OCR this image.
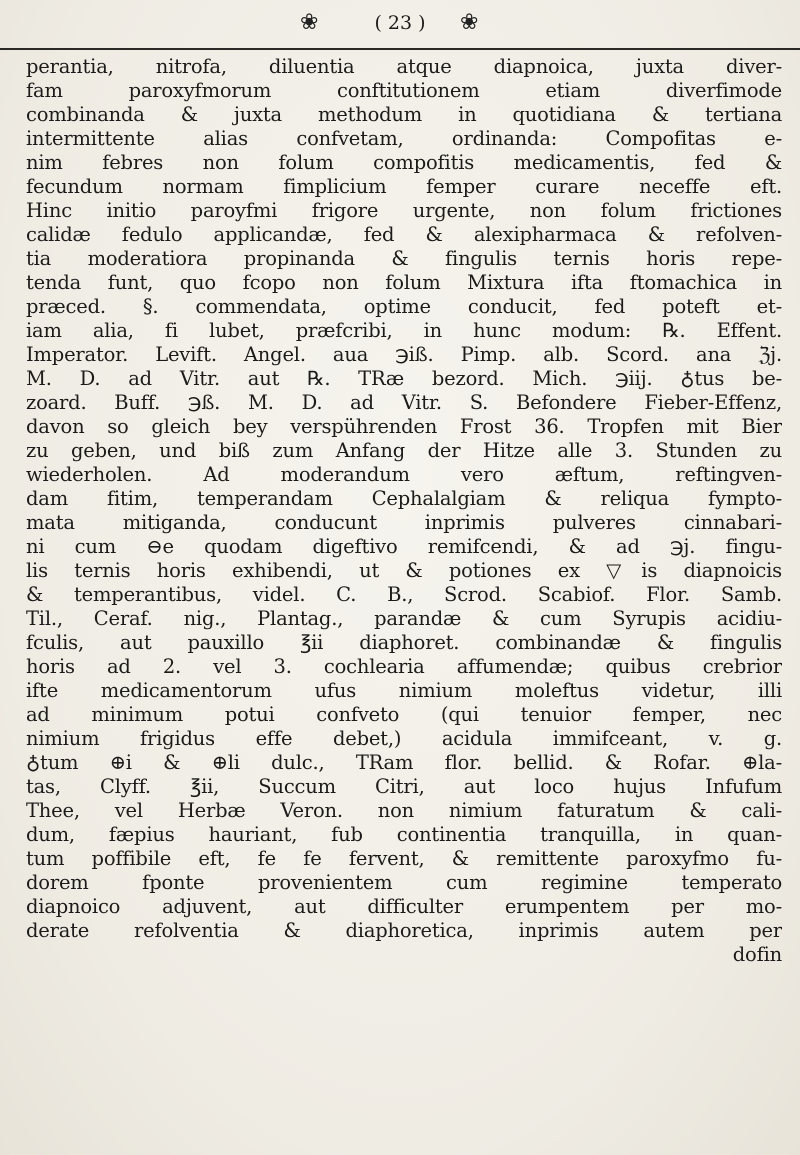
❀	( 23 )	❀
perantia, nitrofa, diluentia atque diapnoica, juxta diver-
fam paroxyfmorum conftitutionem etiam diverfimode
combinanda & juxta methodum in quotidiana & tertiana
intermittente alias confvetam, ordinanda: Compofitas e-
nim febres non folum compofitis medicamentis, fed &
fecundum normam fimplicium femper curare neceffe eft.
Hinc initio paroyfmi frigore urgente, non folum frictiones
calidæ fedulo applicandæ, fed & alexipharmaca & refolven-
tia moderatiora propinanda & fingulis ternis horis repe-
tenda funt, quo fcopo non folum Mixtura ifta ftomachica in
præced. §. commendata, optime conducit, fed poteft et-
iam alia, fi lubet, præfcribi, in hunc modum: ℞. Effent.
Imperator. Levift. Angel. aua ℈iß. Pimp. alb. Scord. ana ℨj.
M. D. ad Vitr. aut ℞. TRæ bezord. Mich. ℈iij. ♁tus be-
zoard. Buff. ℈ß. M. D. ad Vitr. S. Befondere Fieber-Effenz,
davon so gleich bey verspührenden Frost 36. Tropfen mit Bier
zu geben, und biß zum Anfang der Hitze alle 3. Stunden zu
wiederholen. Ad moderandum vero æftum, reftingven-
dam fitim, temperandam Cephalalgiam & reliqua fympto-
mata mitiganda, conducunt inprimis pulveres cinnabari-
ni cum ⊖e quodam digeftivo remifcendi, & ad ℈j. fingu-
lis ternis horis exhibendi, ut & potiones ex ▽is diapnoicis
& temperantibus, videl. C. B., Scrod. Scabiof. Flor. Samb.
Til., Ceraf. nig., Plantag., parandæ & cum Syrupis acidiu-
fculis, aut pauxillo ℥ii diaphoret. combinandæ & fingulis
horis ad 2. vel 3. cochlearia affumendæ; quibus crebrior
ifte medicamentorum ufus nimium moleftus videtur, illi
ad minimum potui confveto (qui tenuior femper, nec
nimium frigidus effe debet,) acidula immifceant, v. g.
♁tum ⊕i & ⊕li dulc., TRam flor. bellid. & Rofar. ⊕la-
tas, Clyff. ℥ii, Succum Citri, aut loco hujus Infufum
Thee, vel Herbæ Veron. non nimium faturatum & cali-
dum, fæpius hauriant, fub continentia tranquilla, in quan-
tum poffibile eft, fe fe fervent, & remittente paroxyfmo fu-
dorem fponte provenientem cum regimine temperato
diapnoico adjuvent, aut difficulter erumpentem per mo-
derate refolventia & diaphoretica, inprimis autem per
dofin
